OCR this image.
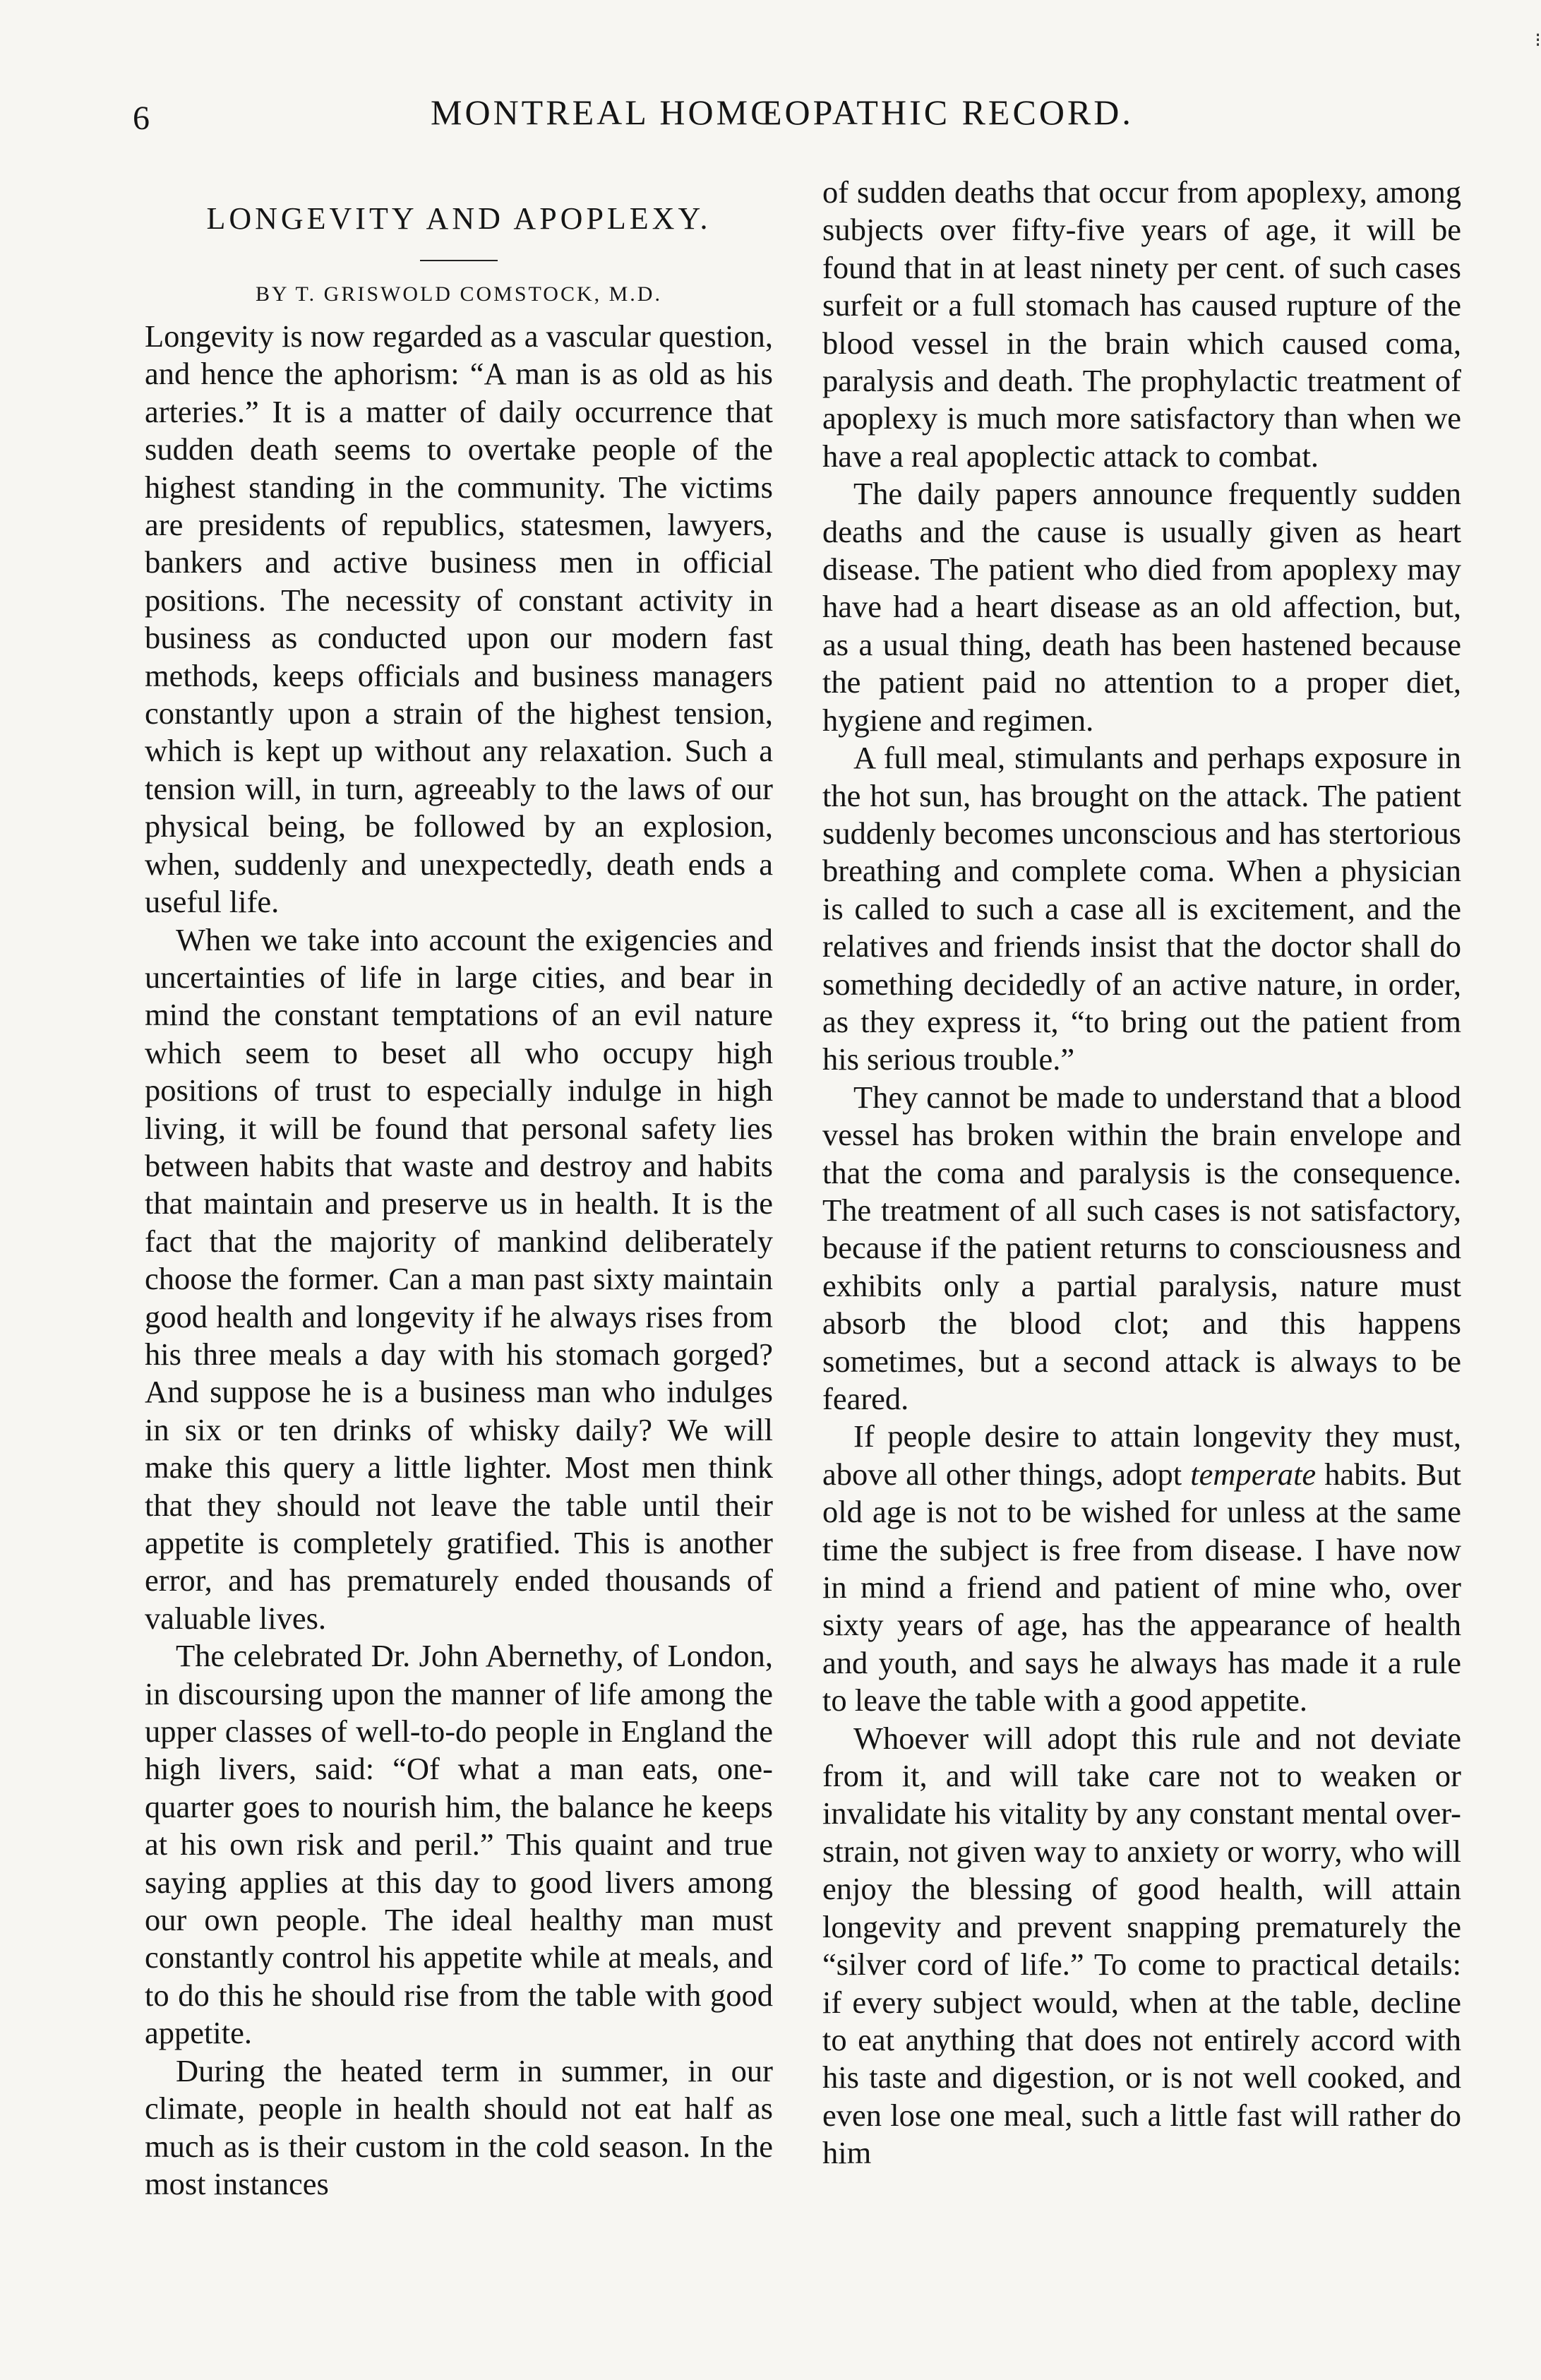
6	MONTREAL HOMŒOPATHIC RECORD.
⁝
LONGEVITY AND APOPLEXY.
BY T. GRISWOLD COMSTOCK, M.D.

Longevity is now regarded as a vascular question, and hence the aphorism: “A man is as old as his arteries.” It is a matter of daily occurrence that sudden death seems to overtake people of the highest standing in the community. The victims are presidents of republics, statesmen, lawyers, bankers and active business men in official positions. The necessity of constant activity in business as conducted upon our modern fast methods, keeps officials and business managers constantly upon a strain of the highest tension, which is kept up without any relaxation. Such a tension will, in turn, agreeably to the laws of our physical being, be followed by an explosion, when, suddenly and unexpectedly, death ends a useful life.

When we take into account the exigencies and uncertainties of life in large cities, and bear in mind the constant temptations of an evil nature which seem to beset all who occupy high positions of trust to especially indulge in high living, it will be found that personal safety lies between habits that waste and destroy and habits that maintain and preserve us in health. It is the fact that the majority of mankind deliberately choose the former. Can a man past sixty maintain good health and longevity if he always rises from his three meals a day with his stomach gorged? And suppose he is a business man who indulges in six or ten drinks of whisky daily? We will make this query a little lighter. Most men think that they should not leave the table until their appetite is completely gratified. This is another error, and has prematurely ended thousands of valuable lives.

The celebrated Dr. John Abernethy, of London, in discoursing upon the manner of life among the upper classes of well-to-do people in England the high livers, said: “Of what a man eats, one-quarter goes to nourish him, the balance he keeps at his own risk and peril.” This quaint and true saying applies at this day to good livers among our own people. The ideal healthy man must constantly control his appetite while at meals, and to do this he should rise from the table with good appetite.

During the heated term in summer, in our climate, people in health should not eat half as much as is their custom in the cold season. In the most instances

of sudden deaths that occur from apoplexy, among subjects over fifty-five years of age, it will be found that in at least ninety per cent. of such cases surfeit or a full stomach has caused rupture of the blood vessel in the brain which caused coma, paralysis and death. The prophylactic treatment of apoplexy is much more satisfactory than when we have a real apoplectic attack to combat.

The daily papers announce frequently sudden deaths and the cause is usually given as heart disease. The patient who died from apoplexy may have had a heart disease as an old affection, but, as a usual thing, death has been hastened because the patient paid no attention to a proper diet, hygiene and regimen.

A full meal, stimulants and perhaps exposure in the hot sun, has brought on the attack. The patient suddenly becomes unconscious and has stertorious breathing and complete coma. When a physician is called to such a case all is excitement, and the relatives and friends insist that the doctor shall do something decidedly of an active nature, in order, as they express it, “to bring out the patient from his serious trouble.”

They cannot be made to understand that a blood vessel has broken within the brain envelope and that the coma and paralysis is the consequence. The treatment of all such cases is not satisfactory, because if the patient returns to consciousness and exhibits only a partial paralysis, nature must absorb the blood clot; and this happens sometimes, but a second attack is always to be feared.

If people desire to attain longevity they must, above all other things, adopt temperate habits. But old age is not to be wished for unless at the same time the subject is free from disease. I have now in mind a friend and patient of mine who, over sixty years of age, has the appearance of health and youth, and says he always has made it a rule to leave the table with a good appetite.

Whoever will adopt this rule and not deviate from it, and will take care not to weaken or invalidate his vitality by any constant mental over-strain, not given way to anxiety or worry, who will enjoy the blessing of good health, will attain longevity and prevent snapping prematurely the “silver cord of life.” To come to practical details: if every subject would, when at the table, decline to eat anything that does not entirely accord with his taste and digestion, or is not well cooked, and even lose one meal, such a little fast will rather do him
